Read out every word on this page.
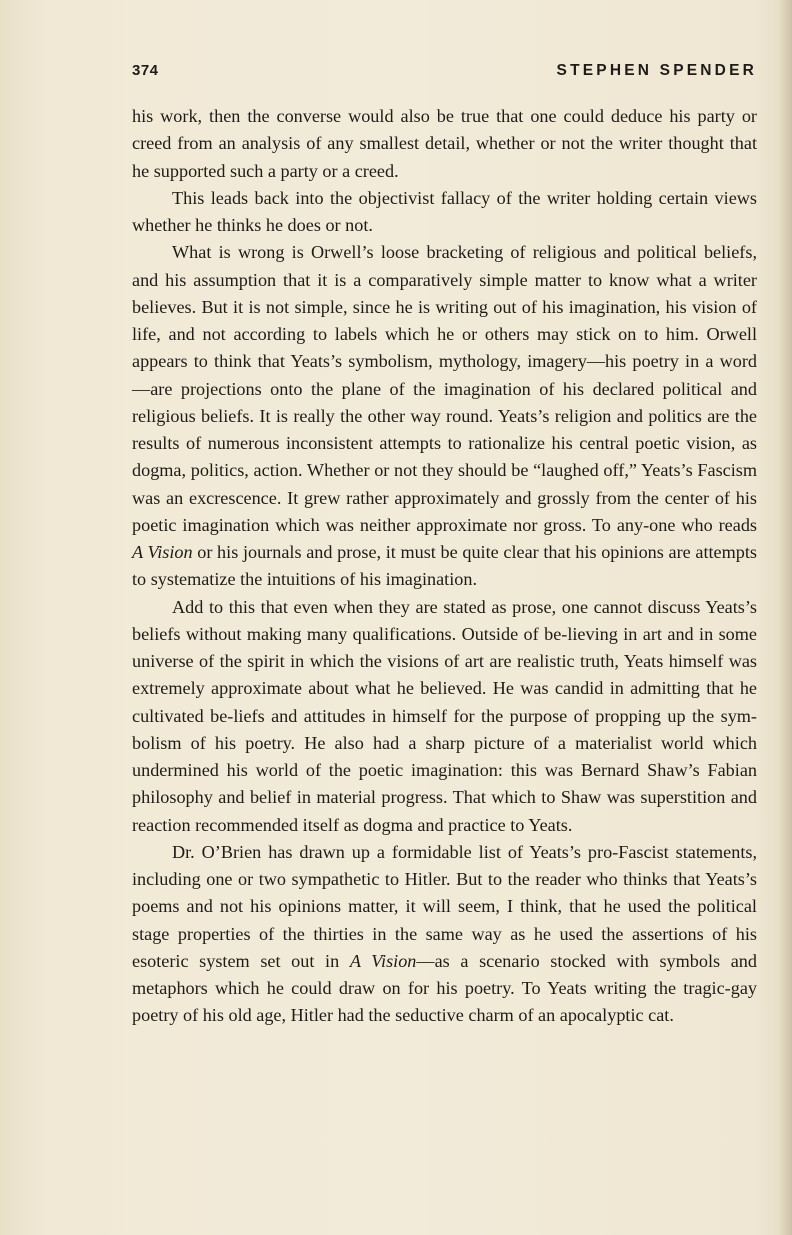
374	STEPHEN SPENDER

his work, then the converse would also be true that one could deduce his party or creed from an analysis of any smallest detail, whether or not the writer thought that he supported such a party or a creed.

This leads back into the objectivist fallacy of the writer holding certain views whether he thinks he does or not.

What is wrong is Orwell’s loose bracketing of religious and political beliefs, and his assumption that it is a comparatively simple matter to know what a writer believes. But it is not simple, since he is writing out of his imagination, his vision of life, and not according to labels which he or others may stick on to him. Orwell appears to think that Yeats’s symbolism, mythology, imagery—his poetry in a word—are projections onto the plane of the imagination of his declared political and religious beliefs. It is really the other way round. Yeats’s religion and politics are the results of numerous inconsistent attempts to rationalize his central poetic vision, as dogma, politics, action. Whether or not they should be “laughed off,” Yeats’s Fascism was an excrescence. It grew rather approximately and grossly from the center of his poetic imagination which was neither approximate nor gross. To any-one who reads A Vision or his journals and prose, it must be quite clear that his opinions are attempts to systematize the intuitions of his imagination.

Add to this that even when they are stated as prose, one cannot discuss Yeats’s beliefs without making many qualifications. Outside of be-lieving in art and in some universe of the spirit in which the visions of art are realistic truth, Yeats himself was extremely approximate about what he believed. He was candid in admitting that he cultivated be-liefs and attitudes in himself for the purpose of propping up the sym-bolism of his poetry. He also had a sharp picture of a materialist world which undermined his world of the poetic imagination: this was Bernard Shaw’s Fabian philosophy and belief in material progress. That which to Shaw was superstition and reaction recommended itself as dogma and practice to Yeats.

Dr. O’Brien has drawn up a formidable list of Yeats’s pro-Fascist statements, including one or two sympathetic to Hitler. But to the reader who thinks that Yeats’s poems and not his opinions matter, it will seem, I think, that he used the political stage properties of the thirties in the same way as he used the assertions of his esoteric system set out in A Vision—as a scenario stocked with symbols and metaphors which he could draw on for his poetry. To Yeats writing the tragic-gay poetry of his old age, Hitler had the seductive charm of an apocalyptic cat.
